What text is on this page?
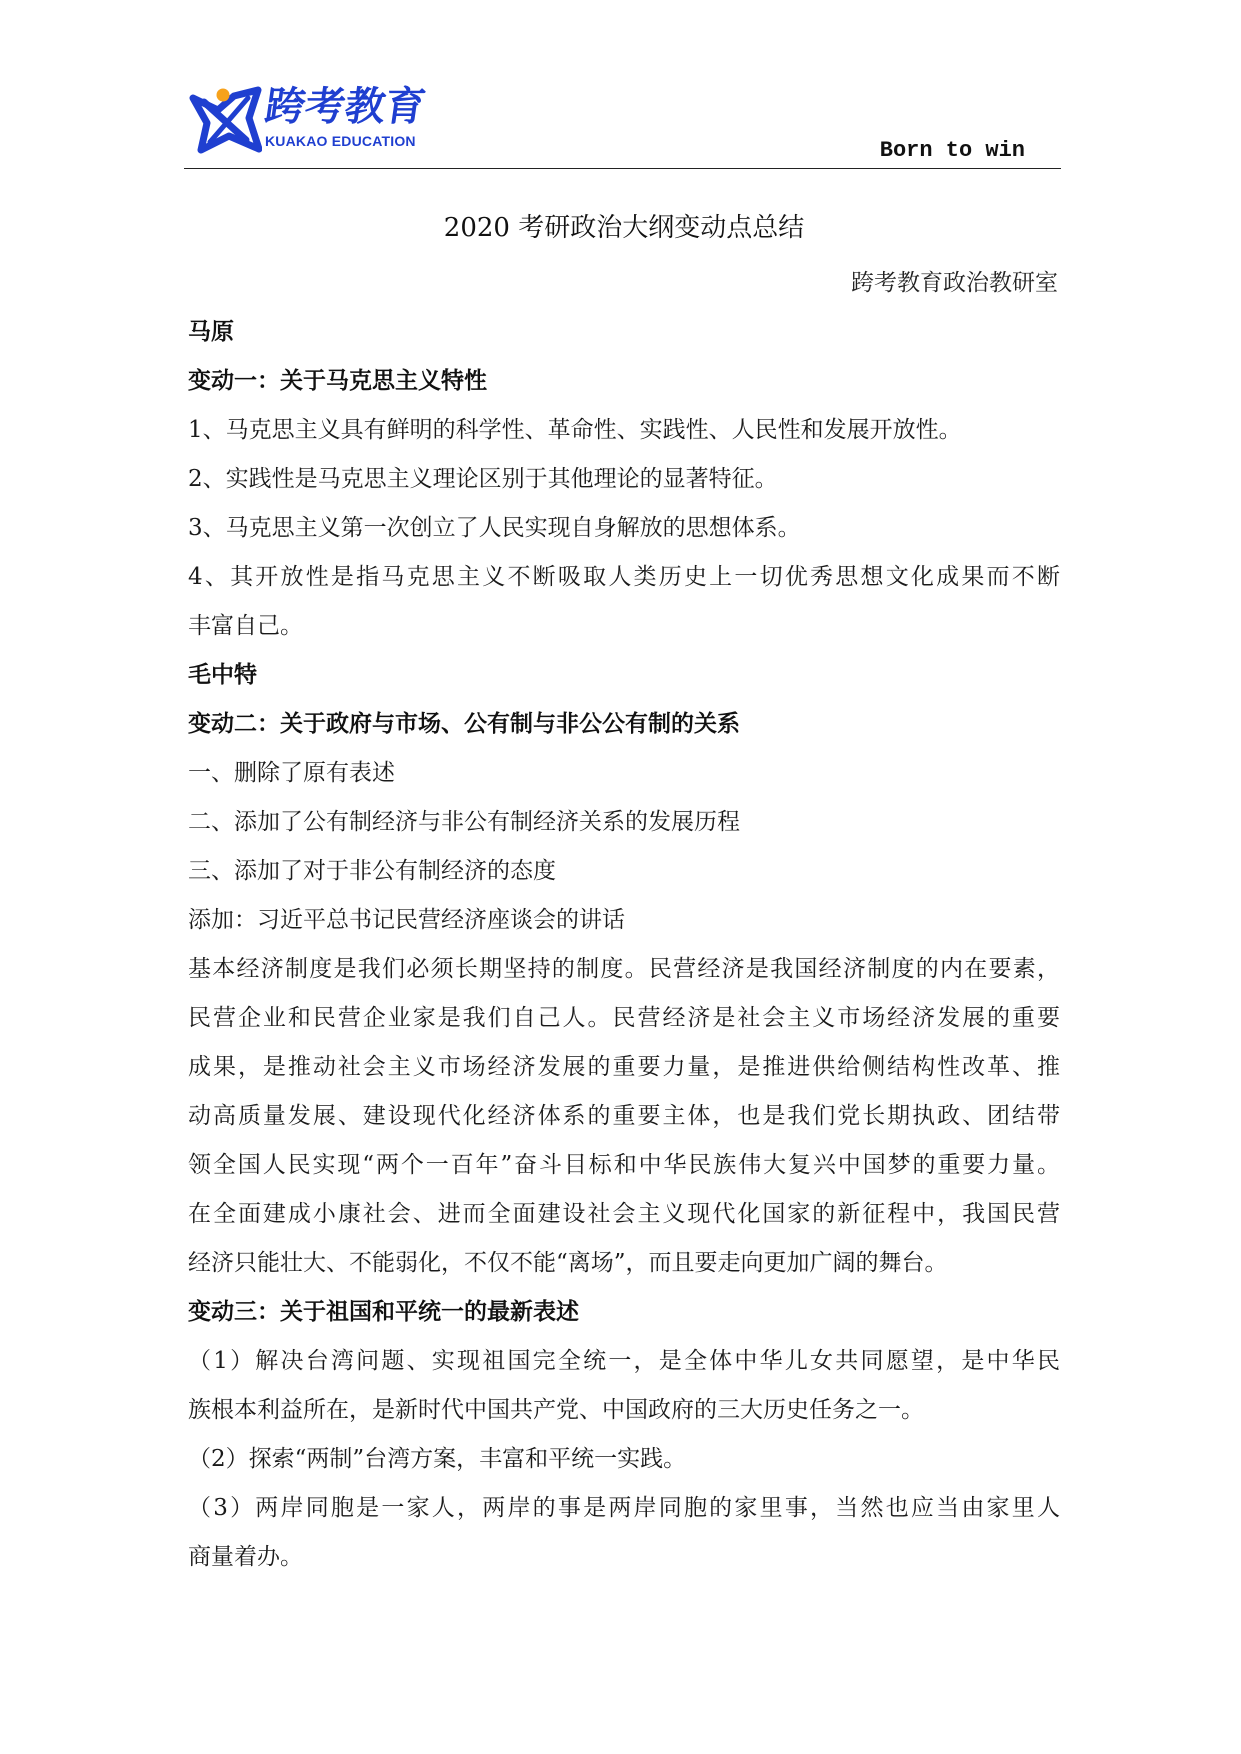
跨考教育
KUAKAO EDUCATION	Born to win
2020 考研政治大纲变动点总结
跨考教育政治教研室
马原
变动一：关于马克思主义特性
1、马克思主义具有鲜明的科学性、革命性、实践性、人民性和发展开放性。
2、实践性是马克思主义理论区别于其他理论的显著特征。
3、马克思主义第一次创立了人民实现自身解放的思想体系。
4、其开放性是指马克思主义不断吸取人类历史上一切优秀思想文化成果而不断
丰富自己。
毛中特
变动二：关于政府与市场、公有制与非公公有制的关系
一、删除了原有表述
二、添加了公有制经济与非公有制经济关系的发展历程
三、添加了对于非公有制经济的态度
添加：习近平总书记民营经济座谈会的讲话
基本经济制度是我们必须长期坚持的制度。民营经济是我国经济制度的内在要素，
民营企业和民营企业家是我们自己人。民营经济是社会主义市场经济发展的重要
成果，是推动社会主义市场经济发展的重要力量，是推进供给侧结构性改革、推
动高质量发展、建设现代化经济体系的重要主体，也是我们党长期执政、团结带
领全国人民实现“两个一百年”奋斗目标和中华民族伟大复兴中国梦的重要力量。
在全面建成小康社会、进而全面建设社会主义现代化国家的新征程中，我国民营
经济只能壮大、不能弱化，不仅不能“离场”，而且要走向更加广阔的舞台。
变动三：关于祖国和平统一的最新表述
（1）解决台湾问题、实现祖国完全统一，是全体中华儿女共同愿望，是中华民
族根本利益所在，是新时代中国共产党、中国政府的三大历史任务之一。
（2）探索“两制”台湾方案，丰富和平统一实践。
（3）两岸同胞是一家人，两岸的事是两岸同胞的家里事，当然也应当由家里人
商量着办。
